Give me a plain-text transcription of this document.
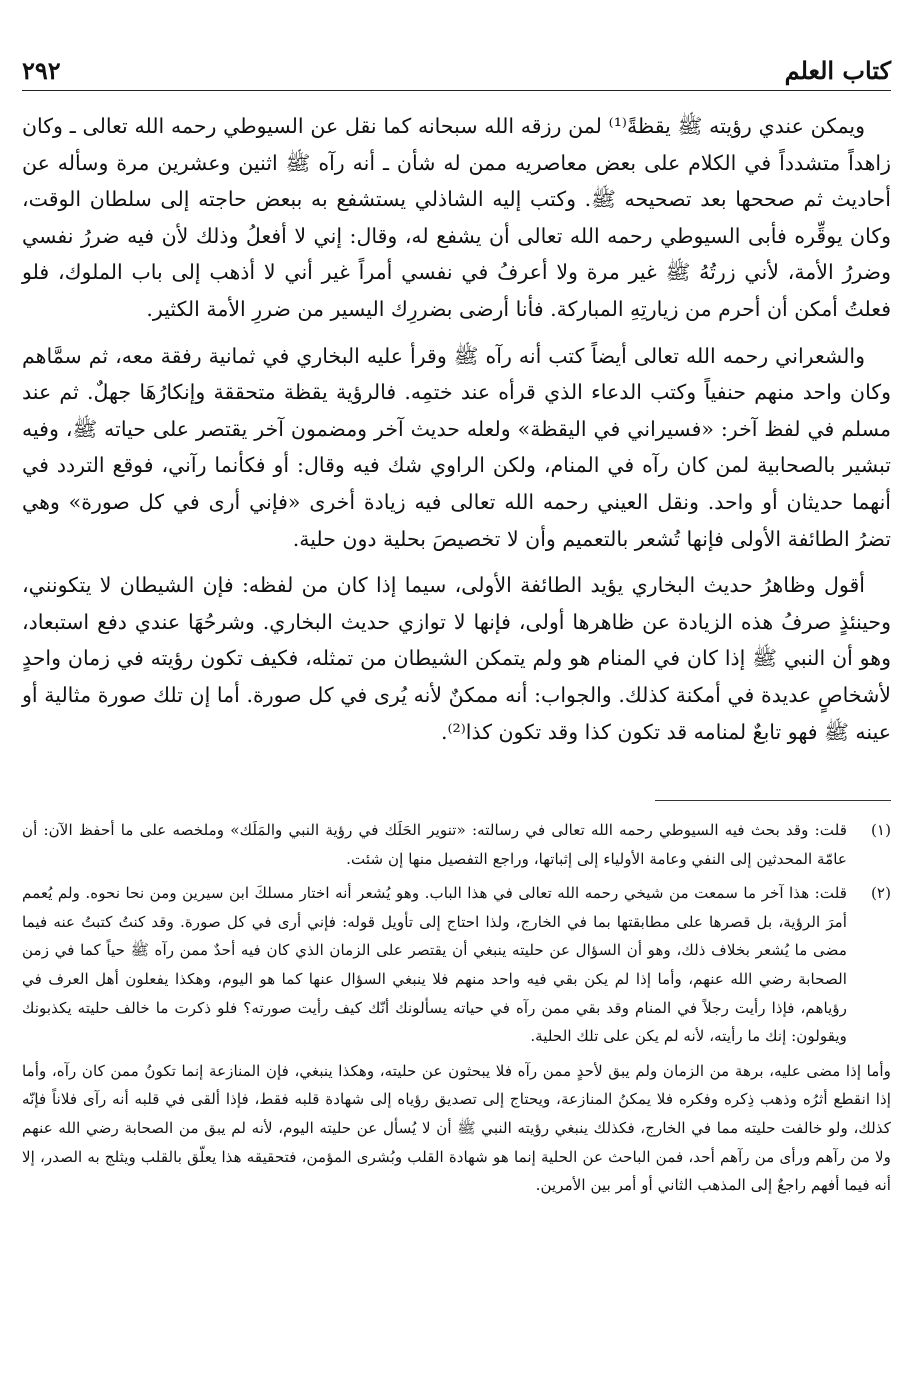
كتاب العلم
٢٩٢

ويمكن عندي رؤيته ﷺ يقظةً⁽¹⁾ لمن رزقه الله سبحانه كما نقل عن السيوطي رحمه الله تعالى ـ وكان زاهداً متشدداً في الكلام على بعض معاصريه ممن له شأن ـ أنه رآه ﷺ اثنين وعشرين مرة وسأله عن أحاديث ثم صححها بعد تصحيحه ﷺ. وكتب إليه الشاذلي يستشفع به ببعض حاجته إلى سلطان الوقت، وكان يوقِّره فأبى السيوطي رحمه الله تعالى أن يشفع له، وقال: إني لا أفعلُ وذلك لأن فيه ضررُ نفسي وضررُ الأمة، لأني زرتُهُ ﷺ غير مرة ولا أعرفُ في نفسي أمراً غير أني لا أذهب إلى باب الملوك، فلو فعلتُ أمكن أن أحرم من زيارتِهِ المباركة. فأنا أرضى بضررِك اليسير من ضررِ الأمة الكثير.

والشعراني رحمه الله تعالى أيضاً كتب أنه رآه ﷺ وقرأ عليه البخاري في ثمانية رفقة معه، ثم سمَّاهم وكان واحد منهم حنفياً وكتب الدعاء الذي قرأه عند ختمِه. فالرؤية يقظة متحققة وإنكارُهَا جهلٌ. ثم عند مسلم في لفظ آخر: «فسيراني في اليقظة» ولعله حديث آخر ومضمون آخر يقتصر على حياته ﷺ، وفيه تبشير بالصحابية لمن كان رآه في المنام، ولكن الراوي شك فيه وقال: أو فكأنما رآني، فوقع التردد في أنهما حديثان أو واحد. ونقل العيني رحمه الله تعالى فيه زيادة أخرى «فإني أرى في كل صورة» وهي تضرُ الطائفة الأولى فإنها تُشعر بالتعميم وأن لا تخصيصَ بحلية دون حلية.

أقول وظاهرُ حديث البخاري يؤيد الطائفة الأولى، سيما إذا كان من لفظه: فإن الشيطان لا يتكونني، وحينئذٍ صرفُ هذه الزيادة عن ظاهرها أولى، فإنها لا توازي حديث البخاري. وشرحُهَا عندي دفع استبعاد، وهو أن النبي ﷺ إذا كان في المنام هو ولم يتمكن الشيطان من تمثله، فكيف تكون رؤيته في زمان واحدٍ لأشخاصٍ عديدة في أمكنة كذلك. والجواب: أنه ممكنٌ لأنه يُرى في كل صورة. أما إن تلك صورة مثالية أو عينه ﷺ فهو تابعٌ لمنامه قد تكون كذا وقد تكون كذا⁽²⁾.

(١)
قلت: وقد بحث فيه السيوطي رحمه الله تعالى في رسالته: «تنوير الحَلَك في رؤية النبي والمَلَك» وملخصه على ما أحفظ الآن: أن عامّة المحدثين إلى النفي وعامة الأولياء إلى إثباتها، وراجع التفصيل منها إن شئت.
(٢)
قلت: هذا آخر ما سمعت من شيخي رحمه الله تعالى في هذا الباب. وهو يُشعر أنه اختار مسلكَ ابن سيرين ومن نحا نحوه. ولم يُعمم أمرَ الرؤية، بل قصرها على مطابقتها بما في الخارج، ولذا احتاج إلى تأويل قوله: فإني أرى في كل صورة. وقد كنتُ كتبتُ عنه فيما مضى ما يُشعر بخلاف ذلك، وهو أن السؤال عن حليته ينبغي أن يقتصر على الزمان الذي كان فيه أحدٌ ممن رآه ﷺ حياً كما في زمن الصحابة رضي الله عنهم، وأما إذا لم يكن بقي فيه واحد منهم فلا ينبغي السؤال عنها كما هو اليوم، وهكذا يفعلون أهل العرف في رؤياهم، فإذا رأيت رجلاً في المنام وقد بقي ممن رآه في حياته يسألونك أنّك كيف رأيت صورته؟ فلو ذكرت ما خالف حليته يكذبونك ويقولون: إنك ما رأيته، لأنه لم يكن على تلك الحلية.

وأما إذا مضى عليه، برهة من الزمان ولم يبق لأحدٍ ممن رآه فلا يبحثون عن حليته، وهكذا ينبغي، فإن المنازعة إنما تكونُ ممن كان رآه، وأما إذا انقطع أثرُه وذهب ذِكره وفكره فلا يمكنُ المنازعة، ويحتاج إلى تصديق رؤياه إلى شهادة قلبه فقط، فإذا ألقى في قلبه أنه رآى فلاناً فإنّه كذلك، ولو خالفت حليته مما في الخارج، فكذلك ينبغي رؤيته النبي ﷺ أن لا يُسأل عن حليته اليوم، لأنه لم يبق من الصحابة رضي الله عنهم ولا من رآهم ورأى من رآهم أحد، فمن الباحث عن الحلية إنما هو شهادة القلب وبُشرى المؤمن، فتحقيقه هذا يعلّق بالقلب ويثلج به الصدر، إلا أنه فيما أفهم راجعٌ إلى المذهب الثاني أو أمر بين الأمرين.
